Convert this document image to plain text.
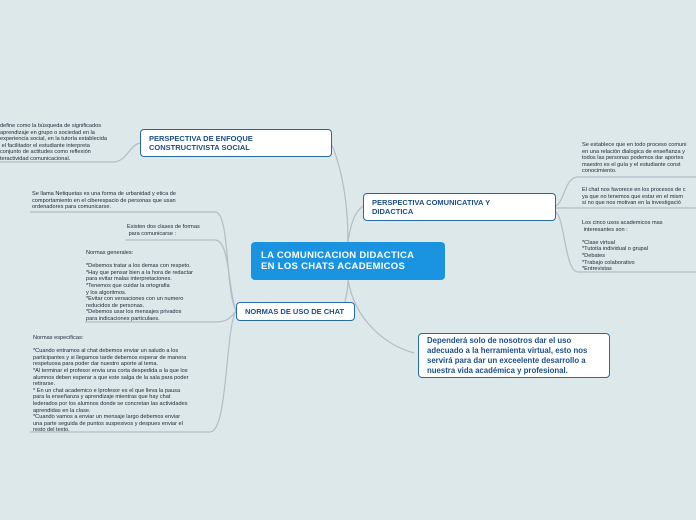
LA COMUNICACION DIDACTICA
EN LOS CHATS ACADEMICOS
PERSPECTIVA DE ENFOQUE
CONSTRUCTIVISTA SOCIAL
PERSPECTIVA COMUNICATIVA Y
DIDACTICA
NORMAS DE USO DE CHAT
Dependerá solo de nosotros dar el uso adecuado a la herramienta virtual, esto nos servirá para dar un exceelente desarrollo a nuestra vida académica y profesional.
define como la búsqueda de significados
aprendizaje en grupo o sociedad en la
experiencia social, en la tutoría establecida
el facilitador el estudiante interpreta
conjunto de actitudes como reflexión
teractividad comunicacional.
Se establece que en todo proceso comuni
en una relación dialogica de enseñanza y
todos las personas podemos dar aportes
maestro es el guía y el estudiante const
conocimiento.
El chat nos favorece en los procesos de c
ya que no tenemos que estar en el mism
si no que nos motivan en la investigació
Los cinco usos academicos mas
interesantes son :

*Clase virtual
*Tutotía individual o grupal
*Debates
*Trabajo colaborativo
*Entrevistas
Se llama Netiquetas es una forma de urbanidad y etica de
comportamiento en el ciberespacio de personas que usan
ordenadores para comunicarse.
Existen dos clases de formas
para comunicarse :
Normas generales:

*Debemos tratar a los demas con respeto.
*Hay que pensar bien a la hora de redactar
para evitar malas interpretaciones.
*Tenemos que cuidar la ortografia
y los algoritmos.
*Evitar con versaciones con un numero
reducidos de personas.
*Debemos usar los mensajes privados
para indicaciones particulaes.
Normas especificas:

*Cuando entramos al chat debemos enviar un saludo a los
participantes y si llegamos tarde debemos esperar de manera
respetuosa para poder dar nuestro aporte al tema.
*Al terminar el profesor envia una corta despedida a la que los
alumnos deben esperar a que este salga de la sala para poder
retirarse.
* En un chat academico e lprofesor es el que lleva la pausa
para la enseñanza y aprendizaje mientras que hay chat
lederados por los alumnos donde se concretan las actividades
aprendidas en la clase.
*Cuando vamos a enviar un mensaje largo debemos enviar
una parte seguida de puntos suspesivos y despues enviar el
resto del texto.
